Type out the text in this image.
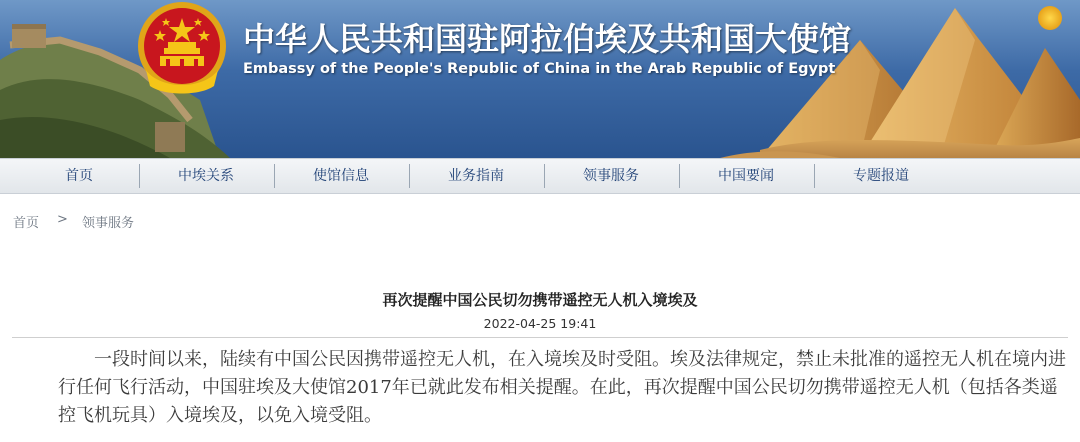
中华人民共和国驻阿拉伯埃及共和国大使馆
Embassy of the People's Republic of China in the Arab Republic of Egypt
首页	中埃关系	使馆信息	业务指南	领事服务	中国要闻	专题报道
首页 > 领事服务
再次提醒中国公民切勿携带遥控无人机入境埃及
2022-04-25 19:41

一段时间以来，陆续有中国公民因携带遥控无人机，在入境埃及时受阻。埃及法律规定，禁止未批准的遥控无人机在境内进行任何飞行活动，中国驻埃及大使馆2017年已就此发布相关提醒。在此，再次提醒中国公民切勿携带遥控无人机（包括各类遥控飞机玩具）入境埃及，以免入境受阻。
